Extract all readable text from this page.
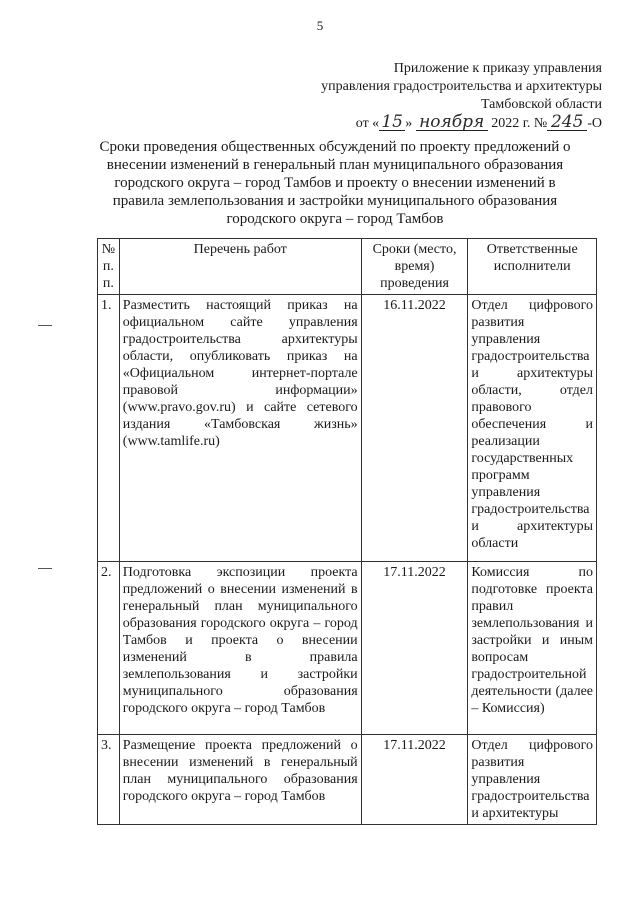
5
Приложение к приказу управления
управления градостроительства и архитектуры
Тамбовской области
от « 15 » ноября 2022 г. № 245 -О
Сроки проведения общественных обсуждений по проекту предложений о внесении изменений в генеральный план муниципального образования городского округа – город Тамбов и проекту о внесении изменений в правила землепользования и застройки муниципального образования городского округа – город Тамбов
№ п. п.	Перечень работ	Сроки (место, время) проведения	Ответственные исполнители
1.	Разместить настоящий приказ на официальном сайте управления градостроительства архитектуры области, опубликовать приказ на «Официальном интернет-портале правовой информации» (www.pravo.gov.ru) и сайте сетевого издания «Тамбовская жизнь» (www.tamlife.ru)	16.11.2022	Отдел цифрового развития управления градостроительства и архитектуры области, отдел правового обеспечения и реализации государственных программ управления градостроительства и архитектуры области
2.	Подготовка экспозиции проекта предложений о внесении изменений в генеральный план муниципального образования городского округа – город Тамбов и проекта о внесении изменений в правила землепользования и застройки муниципального образования городского округа – город Тамбов	17.11.2022	Комиссия по подготовке проекта правил землепользования и застройки и иным вопросам градостроительной деятельности (далее – Комиссия)
3.	Размещение проекта предложений о внесении изменений в генеральный план муниципального образования городского округа – город Тамбов	17.11.2022	Отдел цифрового развития управления градостроительства и архитектуры
